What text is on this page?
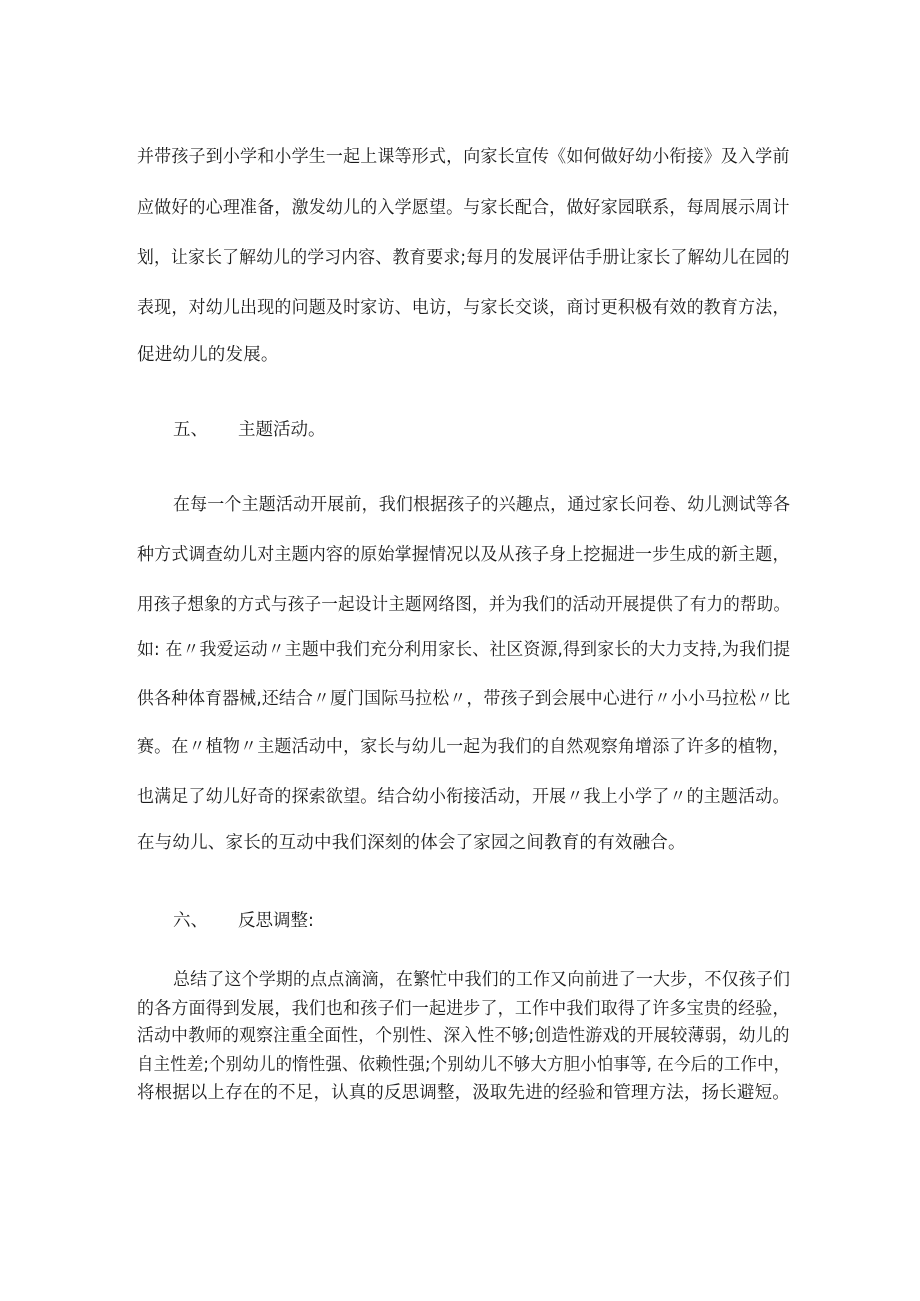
并带孩子到小学和小学生一起上课等形式，向家长宣传《如何做好幼小衔接》及入学前
应做好的心理准备，激发幼儿的入学愿望。与家长配合，做好家园联系，每周展示周计
划，让家长了解幼儿的学习内容、教育要求;每月的发展评估手册让家长了解幼儿在园的
表现，对幼儿出现的问题及时家访、电访，与家长交谈，商讨更积极有效的教育方法，
促进幼儿的发展。
五、 主题活动。
在每一个主题活动开展前，我们根据孩子的兴趣点，通过家长问卷、幼儿测试等各
种方式调查幼儿对主题内容的原始掌握情况以及从孩子身上挖掘进一步生成的新主题，
用孩子想象的方式与孩子一起设计主题网络图，并为我们的活动开展提供了有力的帮助。
如: 在〃我爱运动〃主题中我们充分利用家长、社区资源,得到家长的大力支持,为我们提
供各种体育器械,还结合〃厦门国际马拉松〃，带孩子到会展中心进行〃小小马拉松〃比
赛。在〃植物〃主题活动中，家长与幼儿一起为我们的自然观察角增添了许多的植物，
也满足了幼儿好奇的探索欲望。结合幼小衔接活动，开展〃我上小学了〃的主题活动。
在与幼儿、家长的互动中我们深刻的体会了家园之间教育的有效融合。
六、 反思调整:
总结了这个学期的点点滴滴，在繁忙中我们的工作又向前进了一大步，不仅孩子们
的各方面得到发展，我们也和孩子们一起进步了，工作中我们取得了许多宝贵的经验，
活动中教师的观察注重全面性，个别性、深入性不够;创造性游戏的开展较薄弱，幼儿的
自主性差;个别幼儿的惰性强、依赖性强;个别幼儿不够大方胆小怕事等, 在今后的工作中，
将根据以上存在的不足，认真的反思调整，汲取先进的经验和管理方法，扬长避短。
